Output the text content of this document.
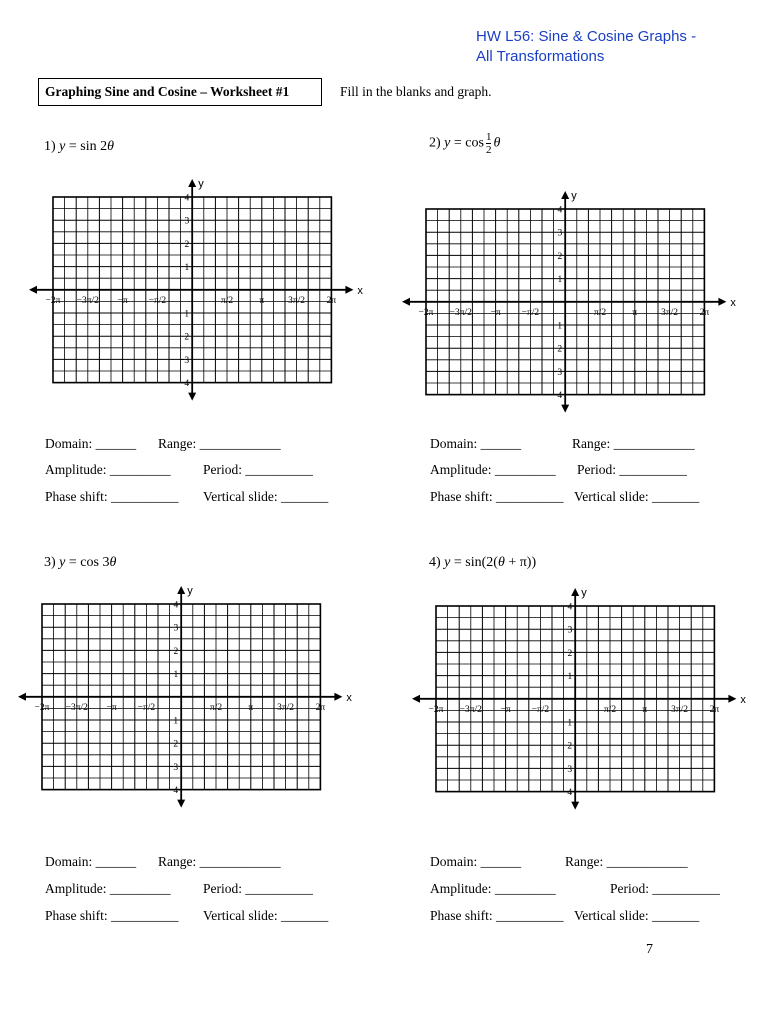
HW L56: Sine & Cosine Graphs -
All Transformations
Graphing Sine and Cosine – Worksheet #1	Fill in the blanks and graph.
1) y = sin 2θ	2) $y = \cos \frac{1}{2}$ θ
3) y = cos 3θ	4) y = sin(2(θ + π))
x
y
−2π −3π/2 −π −π/2	π/2	π	3π/2 2π
4
3
2
1
−1
−2
−3
−4
x
y
−2π −3π/2 −π −π/2	π/2	π	3π/2 2π
4
3
2
1
−1
−2
−3
−4
x
y
−2π −3π/2 −π −π/2	π/2	π	3π/2 2π
4
3
2
1
−1
−2
−3
−4
x
y
−2π −3π/2 −π −π/2	π/2	π	3π/2 2π
4
3
2
1
−1
−2
−3
−4
Domain: ______ Range: ____________
Amplitude: _________ Period: __________
Phase shift: __________ Vertical slide: _______
Domain: ______	Range: ____________
Amplitude: _________ Period: __________
Phase shift: __________ Vertical slide: _______
Domain: ______ Range: ____________
Amplitude: _________ Period: __________
Phase shift: __________ Vertical slide: _______
Domain: ______	Range: ____________
Amplitude: _________	Period: __________
Phase shift: __________ Vertical slide: _______
7
